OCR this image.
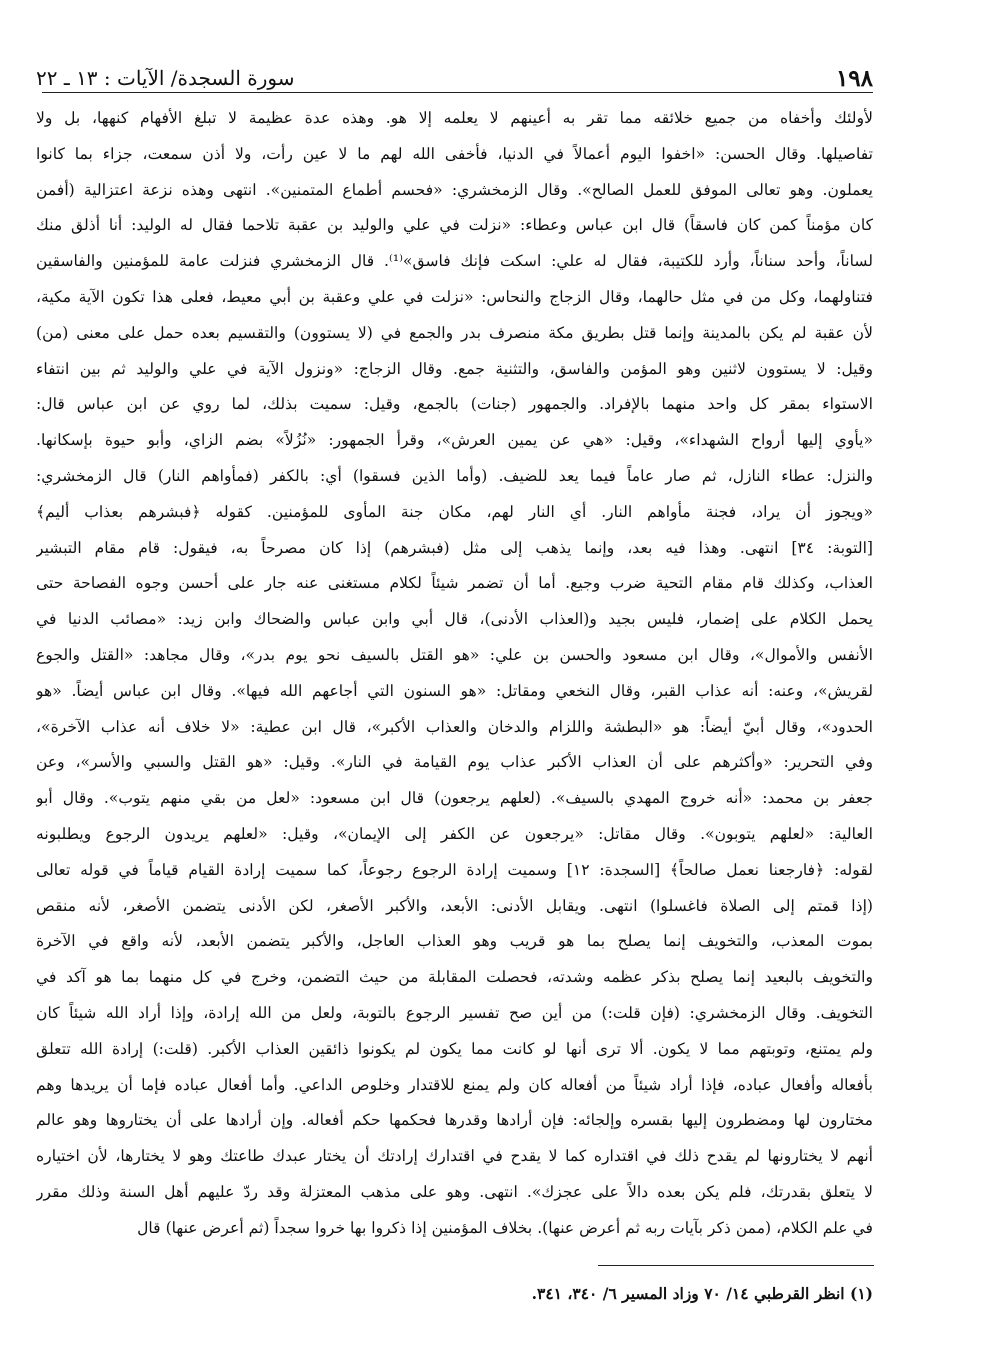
١٩٨
سورة السجدة/ الآيات : ١٣ ـ ٢٢
لأولئك وأخفاه من جميع خلائقه مما تقر به أعينهم لا يعلمه إلا هو. وهذه عدة عظيمة لا تبلغ الأفهام كنهها، بل ولا
تفاصيلها. وقال الحسن: «اخفوا اليوم أعمالاً في الدنيا، فأخفى الله لهم ما لا عين رأت، ولا أذن سمعت، جزاء بما كانوا
يعملون. وهو تعالى الموفق للعمل الصالح». وقال الزمخشري: «فحسم أطماع المتمنين». انتهى وهذه نزعة اعتزالية (أفمن
كان مؤمناً كمن كان فاسقاً) قال ابن عباس وعطاء: «نزلت في علي والوليد بن عقبة تلاحما فقال له الوليد: أنا أذلق منك
لساناً، وأحد سناناً، وأرد للكتيبة، فقال له علي: اسكت فإنك فاسق»⁽¹⁾. قال الزمخشري فنزلت عامة للمؤمنين والفاسقين
فتناولهما، وكل من في مثل حالهما، وقال الزجاج والنحاس: «نزلت في علي وعقبة بن أبي معيط، فعلى هذا تكون الآية مكية،
لأن عقبة لم يكن بالمدينة وإنما قتل بطريق مكة منصرف بدر والجمع في (لا يستوون) والتقسيم بعده حمل على معنى (من)
وقيل: لا يستوون لاثنين وهو المؤمن والفاسق، والتثنية جمع. وقال الزجاج: «ونزول الآية في علي والوليد ثم بين انتفاء
الاستواء بمقر كل واحد منهما بالإفراد. والجمهور (جنات) بالجمع، وقيل: سميت بذلك، لما روي عن ابن عباس قال:
«يأوي إليها أرواح الشهداء»، وقيل: «هي عن يمين العرش»، وقرأ الجمهور: «نُزُلاً» بضم الزاي، وأبو حيوة بإسكانها.
والنزل: عطاء النازل، ثم صار عاماً فيما يعد للضيف. (وأما الذين فسقوا) أي: بالكفر (فمأواهم النار) قال الزمخشري:
«ويجوز أن يراد، فجنة مأواهم النار. أي النار لهم، مكان جنة المأوى للمؤمنين. كقوله ﴿فبشرهم بعذاب أليم﴾
[التوبة: ٣٤] انتهى. وهذا فيه بعد، وإنما يذهب إلى مثل (فبشرهم) إذا كان مصرحاً به، فيقول: قام مقام التبشير
العذاب، وكذلك قام مقام التحية ضرب وجيع. أما أن تضمر شيئاً لكلام مستغنى عنه جار على أحسن وجوه الفصاحة حتى
يحمل الكلام على إضمار، فليس بجيد و(العذاب الأدنى)، قال أبي وابن عباس والضحاك وابن زيد: «مصائب الدنيا في
الأنفس والأموال»، وقال ابن مسعود والحسن بن علي: «هو القتل بالسيف نحو يوم بدر»، وقال مجاهد: «القتل والجوع
لقريش»، وعنه: أنه عذاب القبر، وقال النخعي ومقاتل: «هو السنون التي أجاعهم الله فيها». وقال ابن عباس أيضاً. «هو
الحدود»، وقال أبيّ أيضاً: هو «البطشة واللزام والدخان والعذاب الأكبر»، قال ابن عطية: «لا خلاف أنه عذاب الآخرة»،
وفي التحرير: «وأكثرهم على أن العذاب الأكبر عذاب يوم القيامة في النار». وقيل: «هو القتل والسبي والأسر»، وعن
جعفر بن محمد: «أنه خروج المهدي بالسيف». (لعلهم يرجعون) قال ابن مسعود: «لعل من بقي منهم يتوب». وقال أبو
العالية: «لعلهم يتوبون». وقال مقاتل: «يرجعون عن الكفر إلى الإيمان»، وقيل: «لعلهم يريدون الرجوع ويطلبونه
لقوله: ﴿فارجعنا نعمل صالحاً﴾ [السجدة: ١٢] وسميت إرادة الرجوع رجوعاً، كما سميت إرادة القيام قياماً في قوله تعالى
(إذا قمتم إلى الصلاة فاغسلوا) انتهى. ويقابل الأدنى: الأبعد، والأكبر الأصغر، لكن الأدنى يتضمن الأصغر، لأنه منقص
بموت المعذب، والتخويف إنما يصلح بما هو قريب وهو العذاب العاجل، والأكبر يتضمن الأبعد، لأنه واقع في الآخرة
والتخويف بالبعيد إنما يصلح بذكر عظمه وشدته، فحصلت المقابلة من حيث التضمن، وخرج في كل منهما بما هو آكد في
التخويف. وقال الزمخشري: (فإن قلت:) من أين صح تفسير الرجوع بالتوبة، ولعل من الله إرادة، وإذا أراد الله شيئاً كان
ولم يمتنع، وتوبتهم مما لا يكون. ألا ترى أنها لو كانت مما يكون لم يكونوا ذائقين العذاب الأكبر. (قلت:) إرادة الله تتعلق
بأفعاله وأفعال عباده، فإذا أراد شيئاً من أفعاله كان ولم يمنع للاقتدار وخلوص الداعي. وأما أفعال عباده فإما أن يريدها وهم
مختارون لها ومضطرون إليها بقسره وإلجائه: فإن أرادها وقدرها فحكمها حكم أفعاله. وإن أرادها على أن يختاروها وهو عالم
أنهم لا يختارونها لم يقدح ذلك في اقتداره كما لا يقدح في اقتدارك إرادتك أن يختار عبدك طاعتك وهو لا يختارها، لأن اختياره
لا يتعلق بقدرتك، فلم يكن بعده دالاً على عجزك». انتهى. وهو على مذهب المعتزلة وقد ردّ عليهم أهل السنة وذلك مقرر
في علم الكلام، (ممن ذكر بآيات ربه ثم أعرض عنها). بخلاف المؤمنين إذا ذكروا بها خروا سجداً (ثم أعرض عنها) قال
(١) انظر القرطبي ١٤/ ٧٠ وزاد المسير ٦/ ٣٤٠، ٣٤١.
